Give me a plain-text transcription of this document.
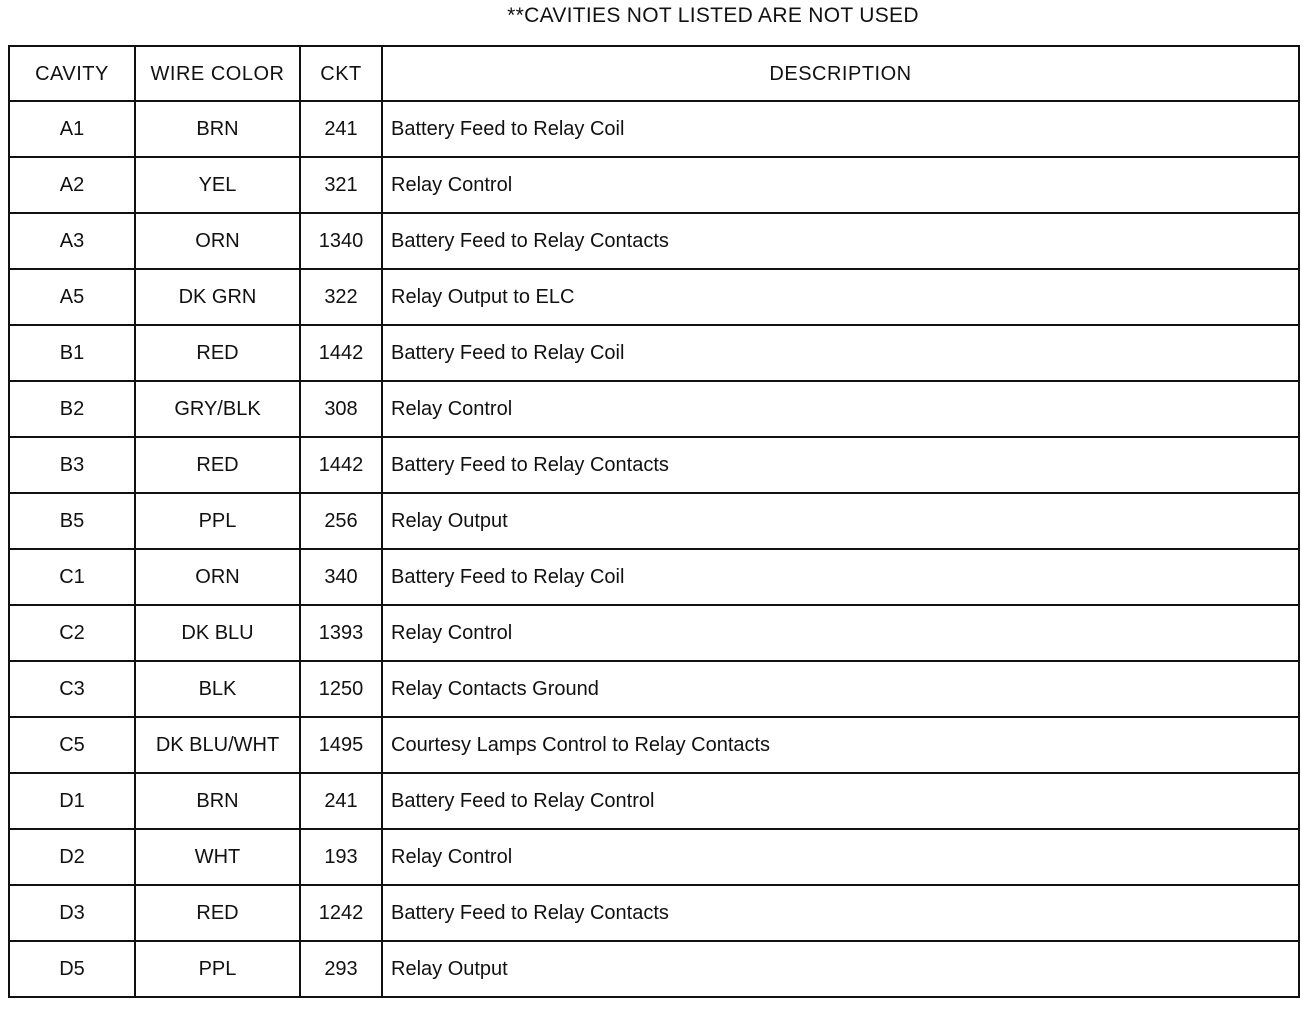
**CAVITIES NOT LISTED ARE NOT USED
CAVITY	WIRE COLOR	CKT	DESCRIPTION
A1	BRN	241	Battery Feed to Relay Coil
A2	YEL	321	Relay Control
A3	ORN	1340	Battery Feed to Relay Contacts
A5	DK GRN	322	Relay Output to ELC
B1	RED	1442	Battery Feed to Relay Coil
B2	GRY/BLK	308	Relay Control
B3	RED	1442	Battery Feed to Relay Contacts
B5	PPL	256	Relay Output
C1	ORN	340	Battery Feed to Relay Coil
C2	DK BLU	1393	Relay Control
C3	BLK	1250	Relay Contacts Ground
C5	DK BLU/WHT	1495	Courtesy Lamps Control to Relay Contacts
D1	BRN	241	Battery Feed to Relay Control
D2	WHT	193	Relay Control
D3	RED	1242	Battery Feed to Relay Contacts
D5	PPL	293	Relay Output
